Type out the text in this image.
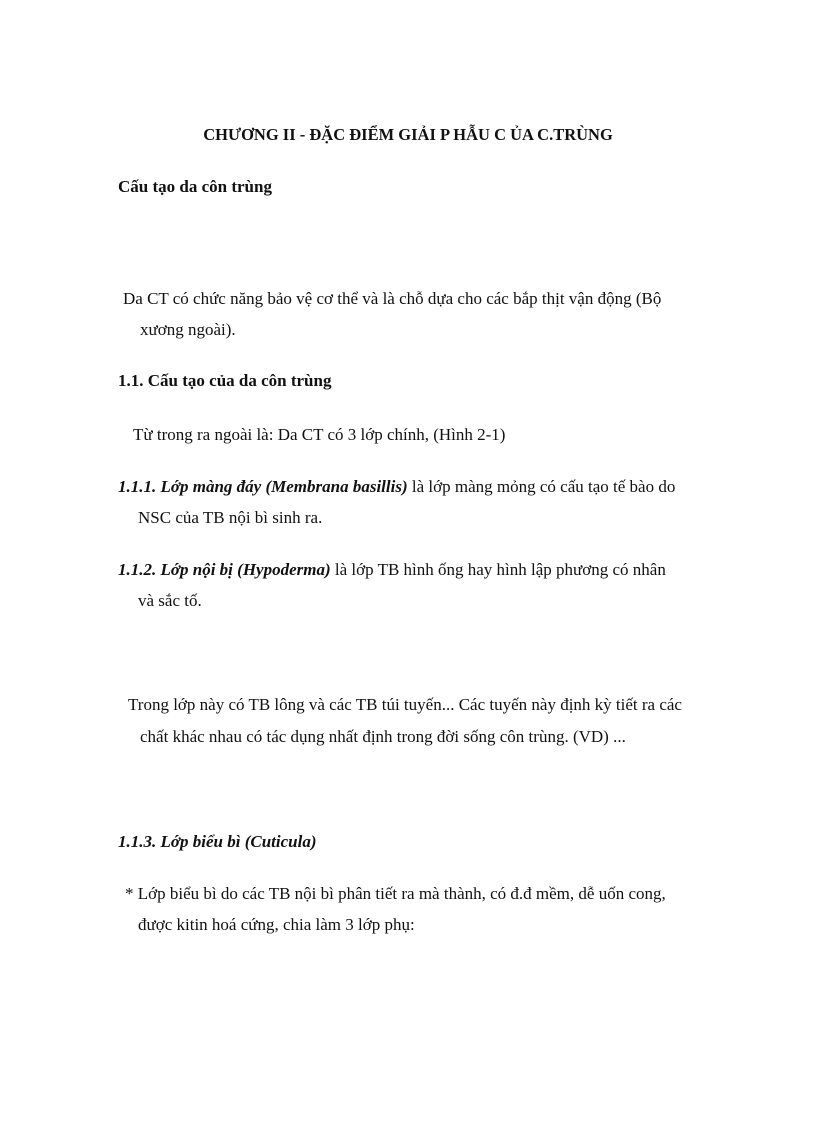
CHƯƠNG II - ĐẶC ĐIỂM GIẢI P HẪU C ỦA C.TRÙNG
Cấu tạo da côn trùng
Da CT có chức năng bảo vệ cơ thể và là chỗ dựa cho các bắp thịt vận động (Bộ
xương ngoài).
1.1. Cấu tạo của da côn trùng
Từ trong ra ngoài là: Da CT có 3 lớp chính, (Hình 2-1)
1.1.1. Lớp màng đáy (Membrana basillis) là lớp màng mỏng có cấu tạo tế bào do
NSC của TB nội bì sinh ra.
1.1.2. Lớp nội bị (Hypoderma) là lớp TB hình ống hay hình lập phương có nhân
và sắc tố.
Trong lớp này có TB lông và các TB túi tuyến... Các tuyến này định kỳ tiết ra các
chất khác nhau có tác dụng nhất định trong đời sống côn trùng. (VD) ...
1.1.3. Lớp biểu bì (Cuticula)
* Lớp biểu bì do các TB nội bì phân tiết ra mà thành, có đ.đ mềm, dễ uốn cong,
được kitin hoá cứng, chia làm 3 lớp phụ:
